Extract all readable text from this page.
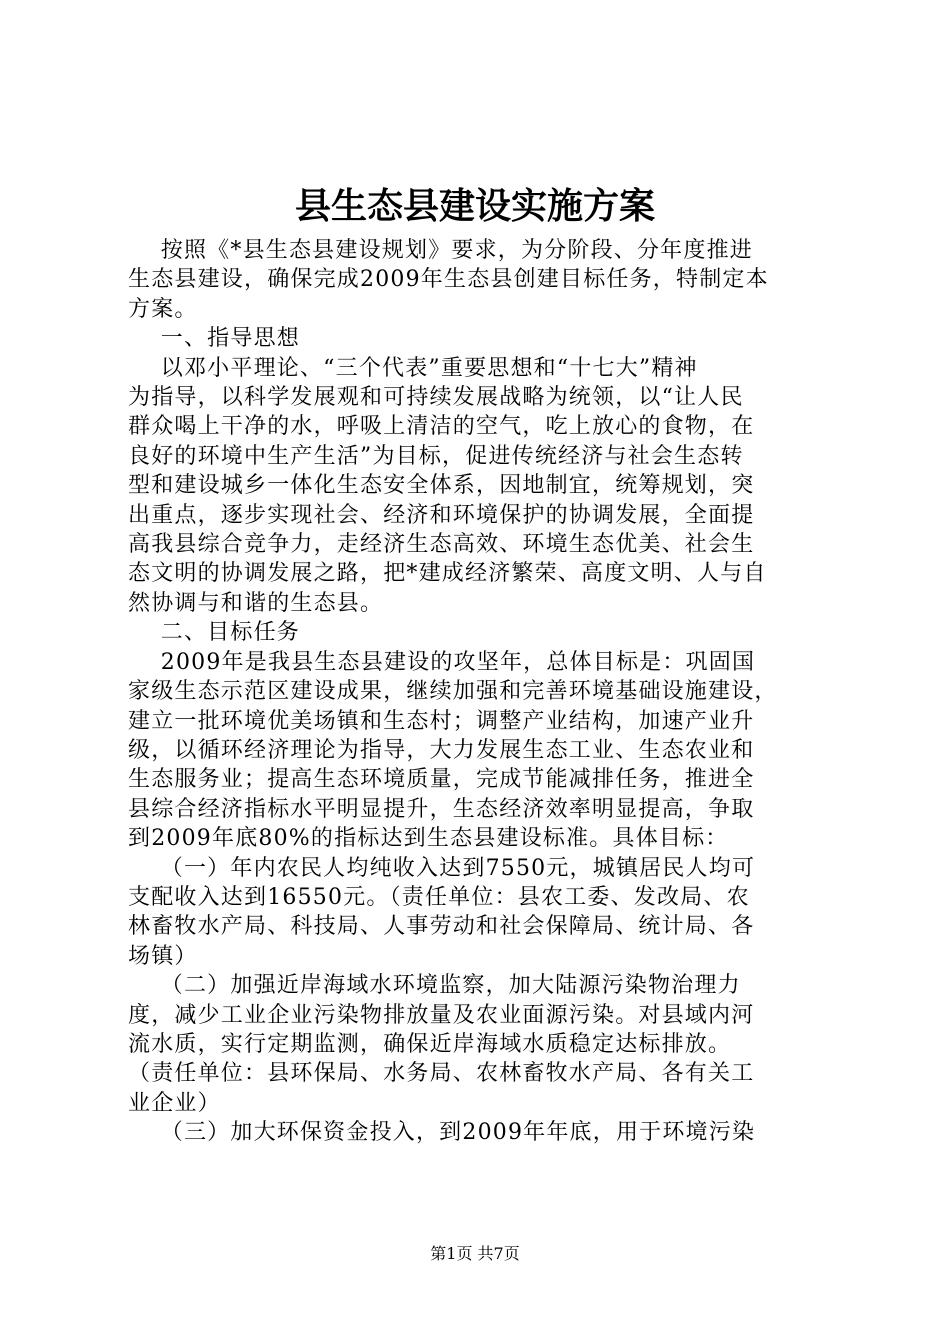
县生态县建设实施方案
按照《*县生态县建设规划》要求，为分阶段、分年度推进
生态县建设，确保完成2009年生态县创建目标任务，特制定本
方案。
一、指导思想
以邓小平理论、“三个代表”重要思想和“十七大”精神
为指导，以科学发展观和可持续发展战略为统领，以“让人民
群众喝上干净的水，呼吸上清洁的空气，吃上放心的食物，在
良好的环境中生产生活”为目标，促进传统经济与社会生态转
型和建设城乡一体化生态安全体系，因地制宜，统筹规划，突
出重点，逐步实现社会、经济和环境保护的协调发展，全面提
高我县综合竞争力，走经济生态高效、环境生态优美、社会生
态文明的协调发展之路，把*建成经济繁荣、高度文明、人与自
然协调与和谐的生态县。
二、目标任务
2009年是我县生态县建设的攻坚年，总体目标是：巩固国
家级生态示范区建设成果，继续加强和完善环境基础设施建设，
建立一批环境优美场镇和生态村；调整产业结构，加速产业升
级，以循环经济理论为指导，大力发展生态工业、生态农业和
生态服务业；提高生态环境质量，完成节能减排任务，推进全
县综合经济指标水平明显提升，生态经济效率明显提高，争取
到2009年底80%的指标达到生态县建设标准。具体目标：
（一）年内农民人均纯收入达到7550元，城镇居民人均可
支配收入达到16550元。（责任单位：县农工委、发改局、农
林畜牧水产局、科技局、人事劳动和社会保障局、统计局、各
场镇）
（二）加强近岸海域水环境监察，加大陆源污染物治理力
度，减少工业企业污染物排放量及农业面源污染。对县域内河
流水质，实行定期监测，确保近岸海域水质稳定达标排放。
（责任单位：县环保局、水务局、农林畜牧水产局、各有关工
业企业）
（三）加大环保资金投入，到2009年年底，用于环境污染
第1页 共7页
